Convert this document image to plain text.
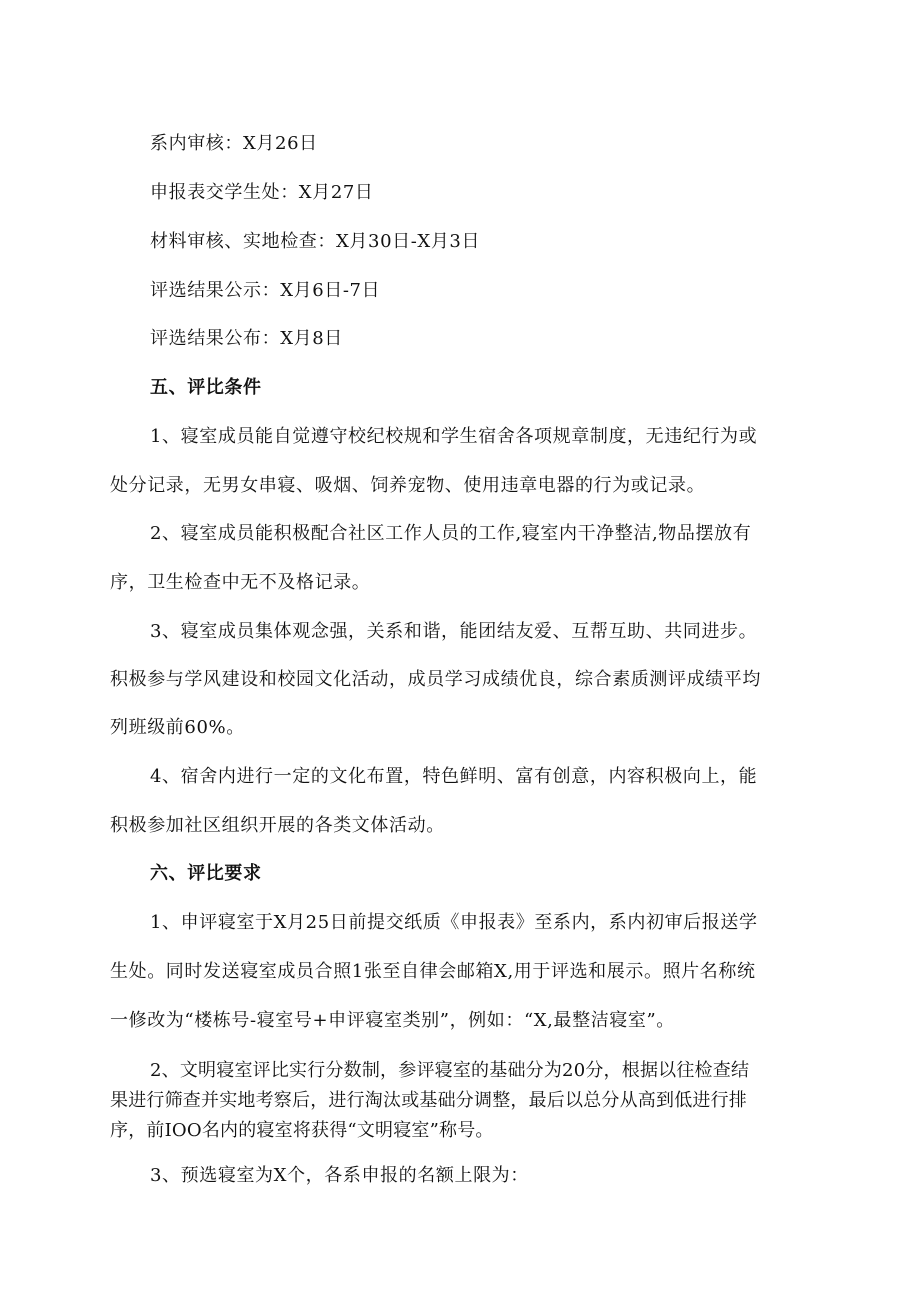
系内审核：X月26日
申报表交学生处：X月27日
材料审核、实地检查：X月30日-X月3日
评选结果公示：X月6日-7日
评选结果公布：X月8日
五、评比条件
1、寝室成员能自觉遵守校纪校规和学生宿舍各项规章制度，无违纪行为或
处分记录，无男女串寝、吸烟、饲养宠物、使用违章电器的行为或记录。
2、寝室成员能积极配合社区工作人员的工作,寝室内干净整洁,物品摆放有
序，卫生检查中无不及格记录。
3、寝室成员集体观念强，关系和谐，能团结友爱、互帮互助、共同进步。
积极参与学风建设和校园文化活动，成员学习成绩优良，综合素质测评成绩平均
列班级前60%。
4、宿舍内进行一定的文化布置，特色鲜明、富有创意，内容积极向上，能
积极参加社区组织开展的各类文体活动。
六、评比要求
1、申评寝室于X月25日前提交纸质《申报表》至系内，系内初审后报送学
生处。同时发送寝室成员合照1张至自律会邮箱X,用于评选和展示。照片名称统
一修改为“楼栋号-寝室号+申评寝室类别”，例如：“X,最整洁寝室”。
2、文明寝室评比实行分数制，参评寝室的基础分为20分，根据以往检查结
果进行筛查并实地考察后，进行淘汰或基础分调整，最后以总分从高到低进行排
序，前IOO名内的寝室将获得“文明寝室”称号。
3、预选寝室为X个，各系申报的名额上限为：
